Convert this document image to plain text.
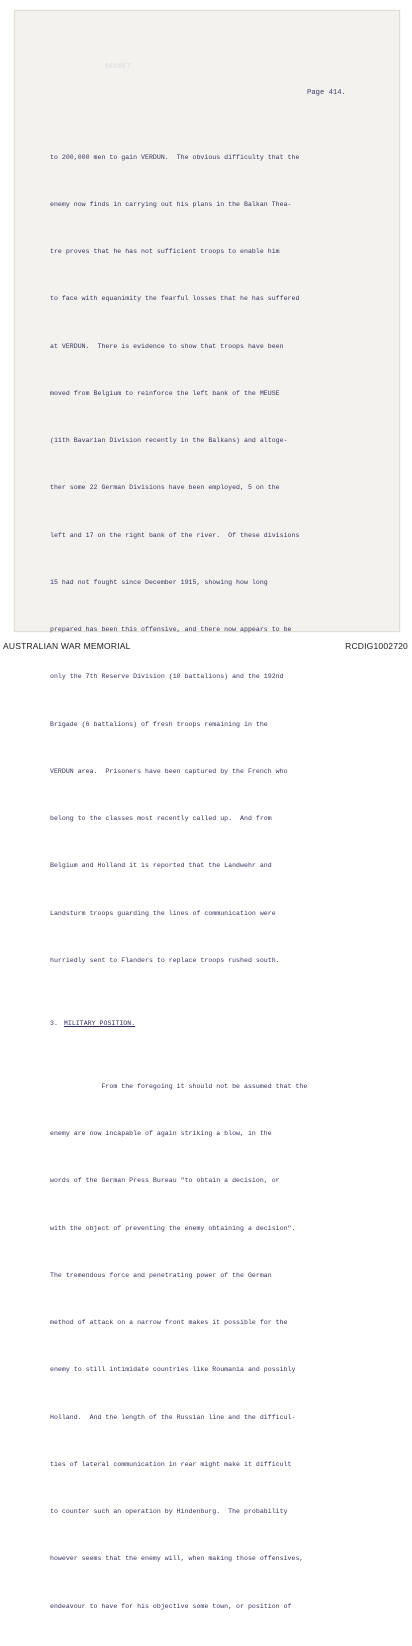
SECRET
Page 414.

to 200,000 men to gain VERDUN.  The obvious difficulty that the

enemy now finds in carrying out his plans in the Balkan Thea-

tre proves that he has not sufficient troops to enable him

to face with equanimity the fearful losses that he has suffered

at VERDUN.  There is evidence to show that troops have been

moved from Belgium to reinforce the left bank of the MEUSE

(11th Bavarian Division recently in the Balkans) and altoge-

ther some 22 German Divisions have been employed, 5 on the

left and 17 on the right bank of the river.  Of these divisions

15 had not fought since December 1915, showing how long

prepared has been this offensive, and there now appears to be

only the 7th Reserve Division (10 battalions) and the 192nd

Brigade (6 battalions) of fresh troops remaining in the

VERDUN area.  Prisoners have been captured by the French who

belong to the classes most recently called up.  And from

Belgium and Holland it is reported that the Landwehr and

Landsturm troops guarding the lines of communication were

hurriedly sent to Flanders to replace troops rushed south.

3. MILITARY POSITION.

From the foregoing it should not be assumed that the

enemy are now incapable of again striking a blow, in the

words of the German Press Bureau "to obtain a decision, or

with the object of preventing the enemy obtaining a decision".

The tremendous force and penetrating power of the German

method of attack on a narrow front makes it possible for the

enemy to still intimidate countries like Roumania and possibly

Holland.  And the length of the Russian line and the difficul-

ties of lateral communication in rear might make it difficult

to counter such an operation by Hindenburg.  The probability

however seems that the enemy will, when making those offensives,

endeavour to have for his objective some town, or position of

AUSTRALIAN WAR MEMORIAL	RCDIG1002720
